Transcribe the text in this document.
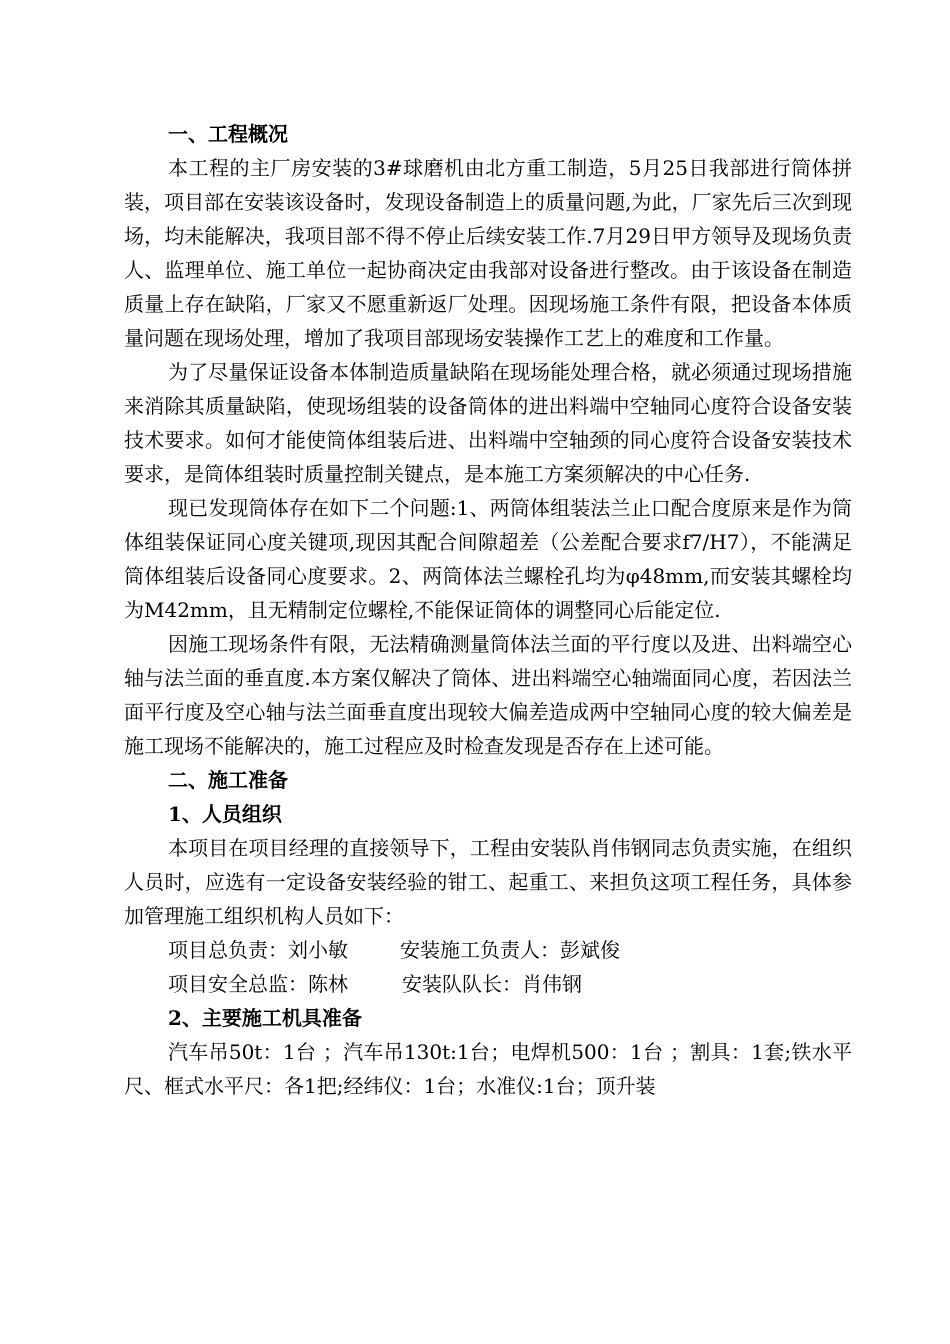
一、工程概况

本工程的主厂房安装的3#球磨机由北方重工制造，5月25日我部进行筒体拼装，项目部在安装该设备时，发现设备制造上的质量问题,为此，厂家先后三次到现场，均未能解决，我项目部不得不停止后续安装工作.7月29日甲方领导及现场负责人、监理单位、施工单位一起协商决定由我部对设备进行整改。由于该设备在制造质量上存在缺陷，厂家又不愿重新返厂处理。因现场施工条件有限，把设备本体质量问题在现场处理，增加了我项目部现场安装操作工艺上的难度和工作量。

为了尽量保证设备本体制造质量缺陷在现场能处理合格，就必须通过现场措施来消除其质量缺陷，使现场组装的设备筒体的进出料端中空轴同心度符合设备安装技术要求。如何才能使筒体组装后进、出料端中空轴颈的同心度符合设备安装技术要求，是筒体组装时质量控制关键点，是本施工方案须解决的中心任务.

现已发现筒体存在如下二个问题:1、两筒体组装法兰止口配合度原来是作为筒体组装保证同心度关键项,现因其配合间隙超差（公差配合要求f7/H7），不能满足筒体组装后设备同心度要求。2、两筒体法兰螺栓孔均为φ48mm,而安装其螺栓均为M42mm，且无精制定位螺栓,不能保证筒体的调整同心后能定位.

因施工现场条件有限，无法精确测量筒体法兰面的平行度以及进、出料端空心轴与法兰面的垂直度.本方案仅解决了筒体、进出料端空心轴端面同心度，若因法兰面平行度及空心轴与法兰面垂直度出现较大偏差造成两中空轴同心度的较大偏差是施工现场不能解决的，施工过程应及时检查发现是否存在上述可能。

二、施工准备

1、人员组织

本项目在项目经理的直接领导下，工程由安装队肖伟钢同志负责实施，在组织人员时，应选有一定设备安装经验的钳工、起重工、来担负这项工程任务，具体参加管理施工组织机构人员如下：

项目总负责：刘小敏	安装施工负责人：彭斌俊

项目安全总监：陈林	安装队队长：肖伟钢

2、主要施工机具准备

汽车吊50t：1台 ；汽车吊130t:1台；电焊机500：1台 ；割具：1套;铁水平尺、框式水平尺：各1把;经纬仪：1台；水准仪:1台；顶升装
